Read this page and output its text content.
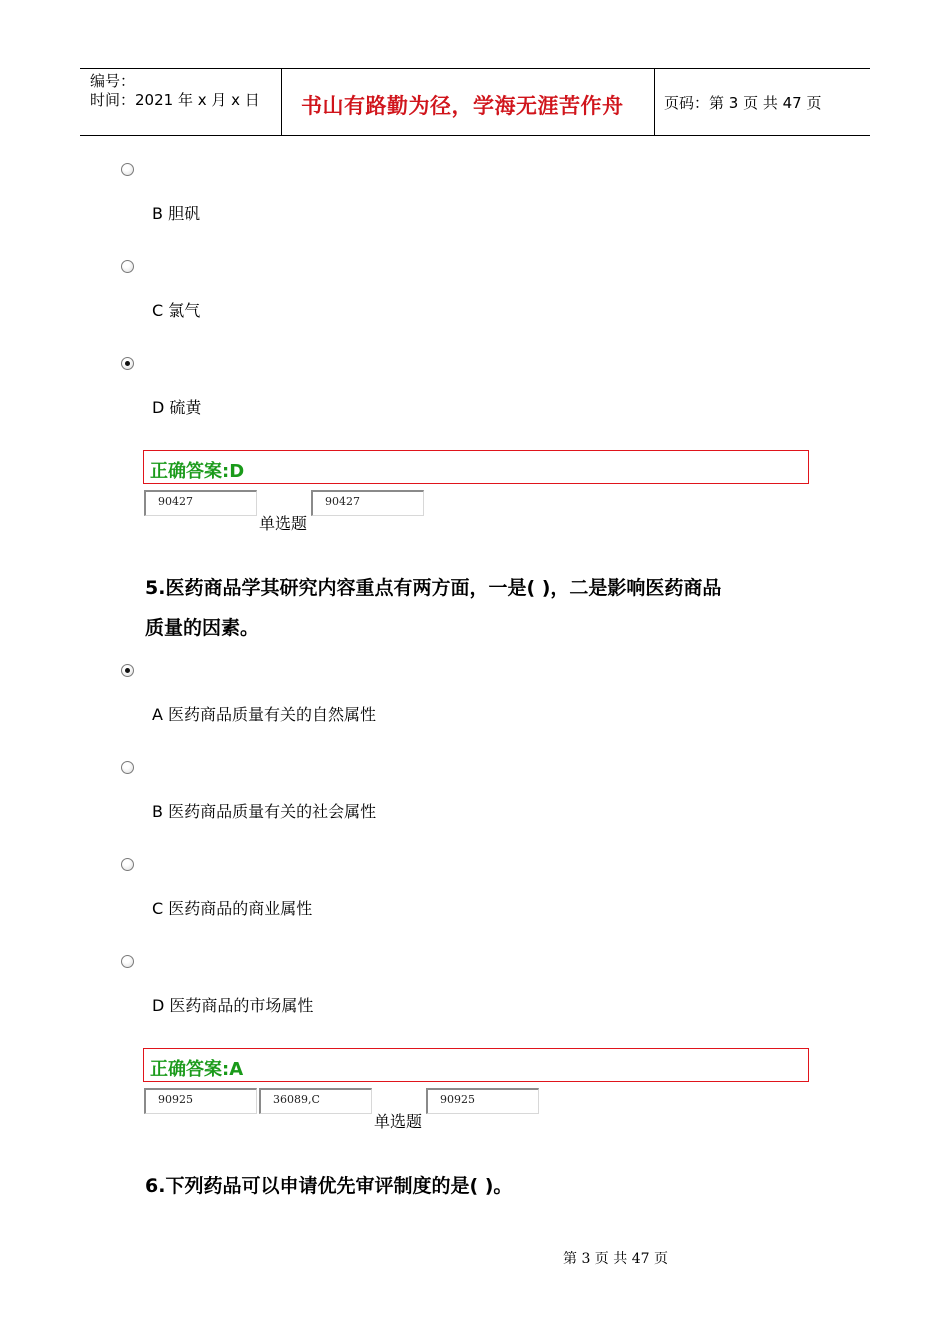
编号：
时间：2021 年 x 月 x 日 书山有路勤为径，学海无涯苦作舟	页码：第 3 页 共 47 页
B 胆矾
C 氯气
D 硫黄
正确答案:D
90427	90427
单选题
5.医药商品学其研究内容重点有两方面，一是( )，二是影响医药商品
质量的因素。
A 医药商品质量有关的自然属性
B 医药商品质量有关的社会属性
C 医药商品的商业属性
D 医药商品的市场属性
正确答案:A
90925	36089,C	90925
单选题
6.下列药品可以申请优先审评制度的是( )。
第 3 页 共 47 页
